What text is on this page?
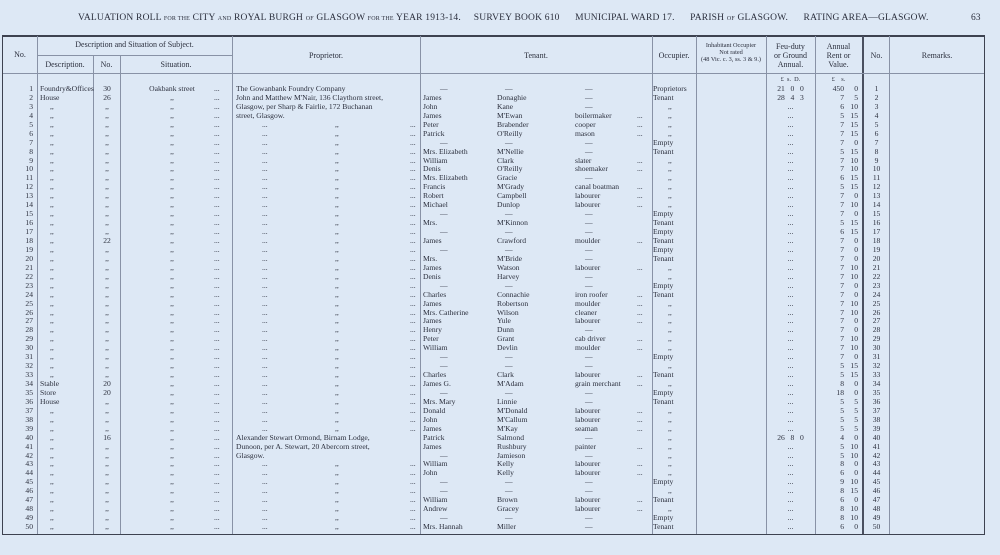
VALUATION ROLL FOR THE CITY AND ROYAL BURGH OF GLASGOW FOR THE YEAR 1913-14. SURVEY BOOK 610 MUNICIPAL WARD 17. PARISH OF GLASGOW. RATING AREA—GLASGOW.	63
No.
Description and Situation of Subject.
Description.	No.	Situation.
Proprietor.	Tenant.	Occupier.
Inhabitant Occupier
Not rated
(48 Vic. c. 3, ss. 3 & 9.)
Feu-duty
or Ground
Annual.
Annual
Rent or
Value.
No.	Remarks.
£  s.  D.	£    s.
1 Foundry&Offices	30	Oakbank street	The Gowanbank Foundry Company	—	—	—	Proprietors	21   0   0	450	0	1
...
2 House	26	,,	John and Matthew M'Nair, 136 Claythorn street,	James	Donaghie	—	Tenant	28   4   3	7	5	2
...
3 ,,	,,	,,	Glasgow, per Sharp & Fairlie, 172 Buchanan	John	Kane	—	,,	...	6 10	3
...
4 ,,	,,	,,	street, Glasgow.	James	M'Ewan	boilermaker ...	,,	...	5 15	4
...
5 ,,	,,	,,	... ,, ...	Peter	Brabender	cooper ...	,,	...	7 15	5
...
6 ,,	,,	,,	... ,, ...	Patrick	O'Reilly	mason ...	,,	...	7 15	6
...
7 ,,	,,	,,	... ,, ...	—	—	—	Empty	...	7	0	7
...
8 ,,	,,	,,	... ,, ...	Mrs. Elizabeth	M'Nellie	—	Tenant	...	5 15	8
...
9 ,,	,,	,,	... ,, ...	William	Clark	slater ...	,,	...	7 10	9
...
10 ,,	,,	,,	... ,, ...	Denis	O'Reilly	shoemaker ...	,,	...	7 10	10
...
11 ,,	,,	,,	... ,, ...	Mrs. Elizabeth	Gracie	—	,,	...	6 15	11
...
12 ,,	,,	,,	... ,, ...	Francis	M'Grady	canal boatman ...	,,	...	5 15	12
...
13 ,,	,,	,,	... ,, ...	Robert	Campbell	labourer ...	,,	...	7	0	13
...
14 ,,	,,	,,	... ,, ...	Michael	Dunlop	labourer ...	,,	...	7 10	14
...
15 ,,	,,	,,	... ,, ...	—	—	—	Empty	...	7	0	15
...
16 ,,	,,	,,	... ,, ...	Mrs.	M'Kinnon	—	Tenant	...	5 15	16
...
17 ,,	,,	,,	... ,, ...	—	—	—	Empty	...	6 15	17
...
18 ,,	22	,,	... ,, ...	James	Crawford	moulder ...	Tenant	...	7	0	18
...
19 ,,	,,	,,	... ,, ...	—	—	—	Empty	...	7	0	19
...
20 ,,	,,	,,	... ,, ...	Mrs.	M'Bride	—	Tenant	...	7	0	20
...
21 ,,	,,	,,	... ,, ...	James	Watson	labourer ...	,,	...	7 10	21
...
22 ,,	,,	,,	... ,, ...	Denis	Harvey	—	,,	...	7 10	22
...
23 ,,	,,	,,	... ,, ...	—	—	—	Empty	...	7	0	23
...
24 ,,	,,	,,	... ,, ...	Charles	Connachie	iron roofer ...	Tenant	...	7	0	24
...
25 ,,	,,	,,	... ,, ...	James	Robertson	moulder ...	,,	...	7 10	25
...
26 ,,	,,	,,	... ,, ...	Mrs. Catherine	Wilson	cleaner ...	,,	...	7 10	26
...
27 ,,	,,	,,	... ,, ...	James	Yule	labourer ...	,,	...	7	0	27
...
28 ,,	,,	,,	... ,, ...	Henry	Dunn	—	,,	...	7	0	28
...
29 ,,	,,	,,	... ,, ...	Peter	Grant	cab driver ...	,,	...	7 10	29
...
30 ,,	,,	,,	... ,, ...	William	Devlin	moulder ...	,,	...	7 10	30
...
31 ,,	,,	,,	... ,, ...	—	—	—	Empty	...	7	0	31
...
32 ,,	,,	,,	... ,, ...	—	—	—	,,	...	5 15	32
...
33 ,,	,,	,,	... ,, ...	Charles	Clark	labourer ...	Tenant	...	5 15	33
...
34 Stable	20	,,	... ,, ...	James G.	M'Adam	grain merchant ...	,,	...	8	0	34
...
35 Store	20	,,	... ,, ...	—	—	—	Empty	...	18	0	35
...
36 House	,,	,,	... ,, ...	Mrs. Mary	Linnie	—	Tenant	...	5	5	36
...
37 ,,	,,	,,	... ,, ...	Donald	M'Donald	labourer ...	,,	...	5	5	37
...
38 ,,	,,	,,	... ,, ...	John	M'Callum	labourer ...	,,	...	5	5	38
...
39 ,,	,,	,,	... ,, ...	James	M'Kay	seaman ...	,,	...	5	5	39
...
40 ,,	16	,,	Alexander Stewart Ormond, Birnam Lodge,	Patrick	Salmond	—	,,	26   8   0	4	0	40
...
41 ,,	,,	,,	Dunoon, per A. Stewart, 20 Abercorn street,	James	Rushbury	painter ...	,,	...	5 10	41
...
42 ,,	,,	,,	Glasgow.	—	Jamieson	—	,,	...	5 10	42
...
43 ,,	,,	,,	... ,, ...	William	Kelly	labourer ...	,,	...	8	0	43
...
44 ,,	,,	,,	... ,, ...	John	Kelly	labourer ...	,,	...	6	0	44
...
45 ,,	,,	,,	... ,, ...	—	—	—	Empty	...	9 10	45
...
46 ,,	,,	,,	... ,, ...	—	—	—	,,	...	8 15	46
...
47 ,,	,,	,,	... ,, ...	William	Brown	labourer ...	Tenant	...	6	0	47
...
48 ,,	,,	,,	... ,, ...	Andrew	Gracey	labourer ...	,,	...	8 10	48
...
49 ,,	,,	,,	... ,, ...	—	—	—	Empty	...	8 10	49
...
50 ,,	,,	,,	... ,, ...	Mrs. Hannah	Miller	—	Tenant	...	6	0	50
...
